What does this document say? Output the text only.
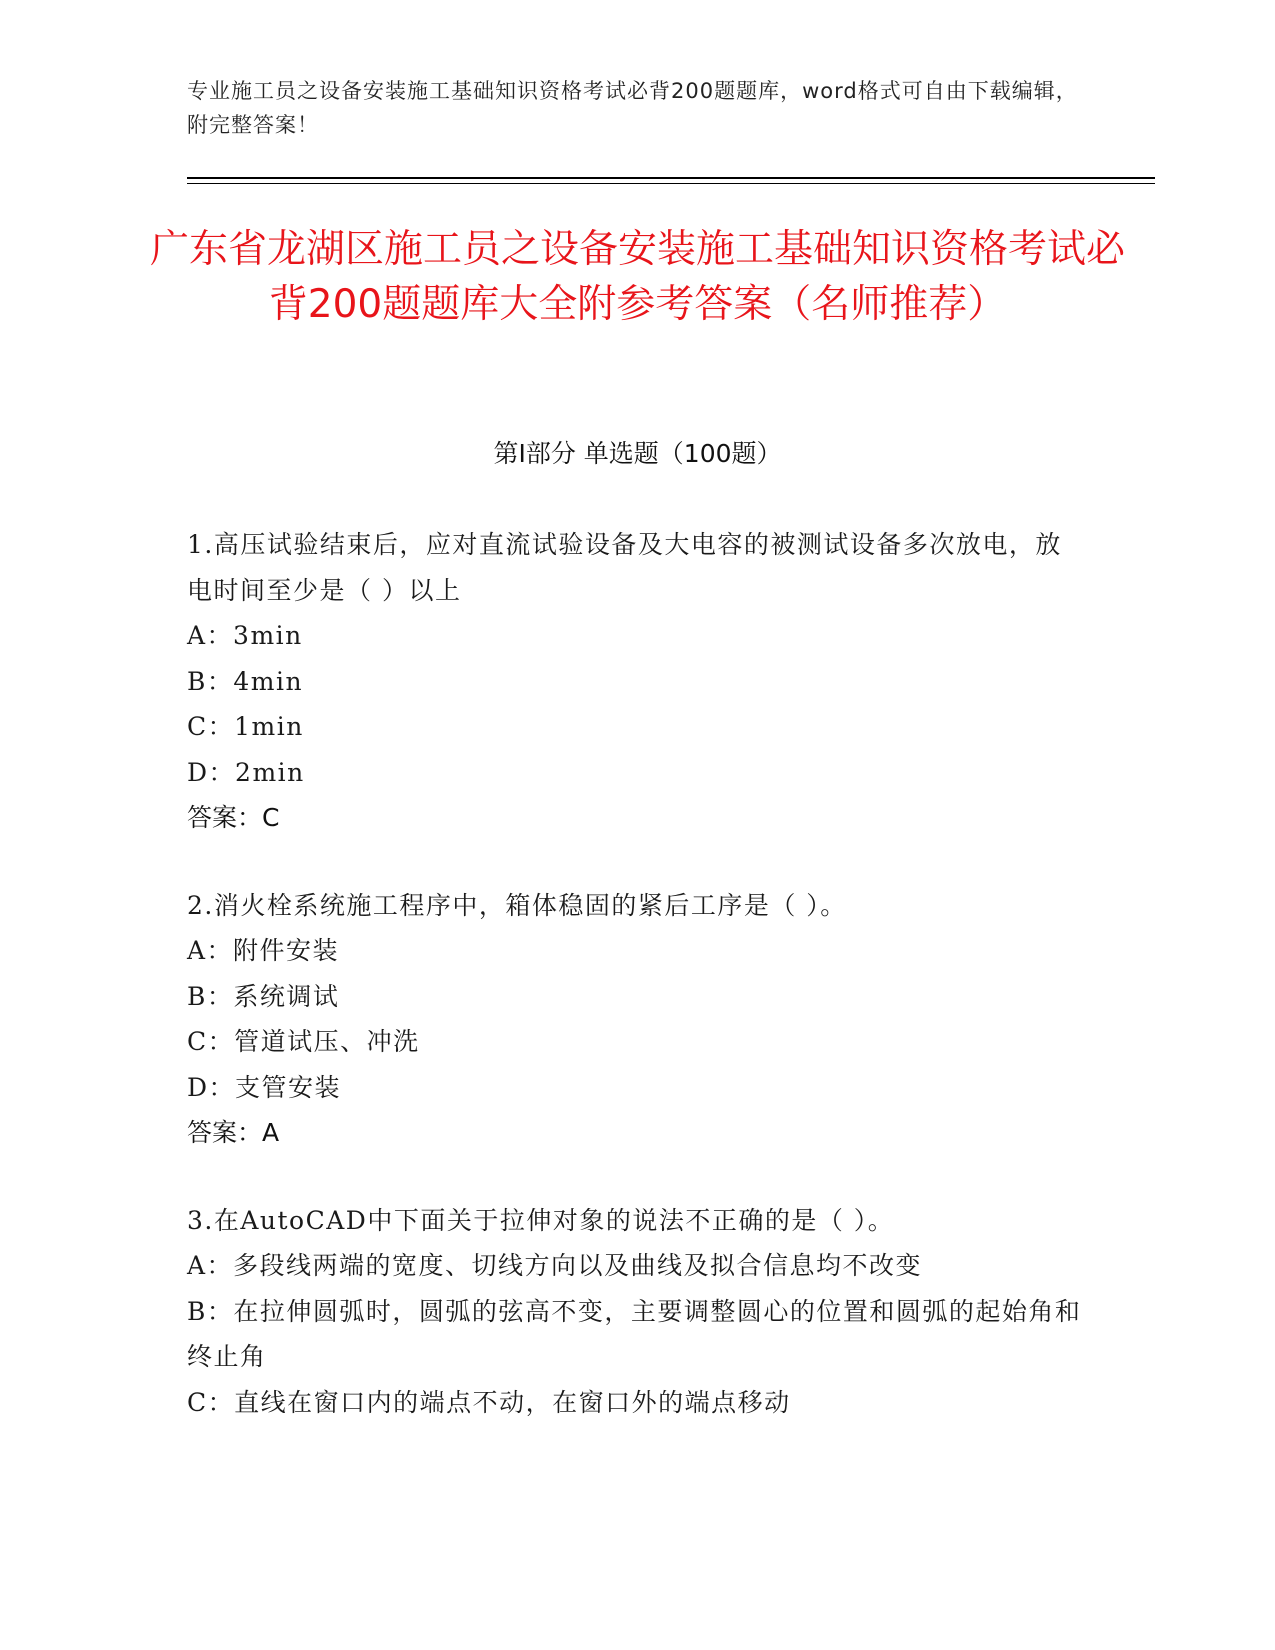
专业施工员之设备安装施工基础知识资格考试必背200题题库，word格式可自由下载编辑，附完整答案！
广东省龙湖区施工员之设备安装施工基础知识资格考试必背200题题库大全附参考答案（名师推荐）
第I部分 单选题（100题）
1.高压试验结束后，应对直流试验设备及大电容的被测试设备多次放电，放电时间至少是（ ）以上
A：3min
B：4min
C：1min
D：2min
答案：C
2.消火栓系统施工程序中，箱体稳固的紧后工序是（ ）。
A：附件安装
B：系统调试
C：管道试压、冲洗
D：支管安装
答案：A
3.在AutoCAD中下面关于拉伸对象的说法不正确的是（ ）。
A：多段线两端的宽度、切线方向以及曲线及拟合信息均不改变
B：在拉伸圆弧时，圆弧的弦高不变，主要调整圆心的位置和圆弧的起始角和终止角
C：直线在窗口内的端点不动，在窗口外的端点移动
